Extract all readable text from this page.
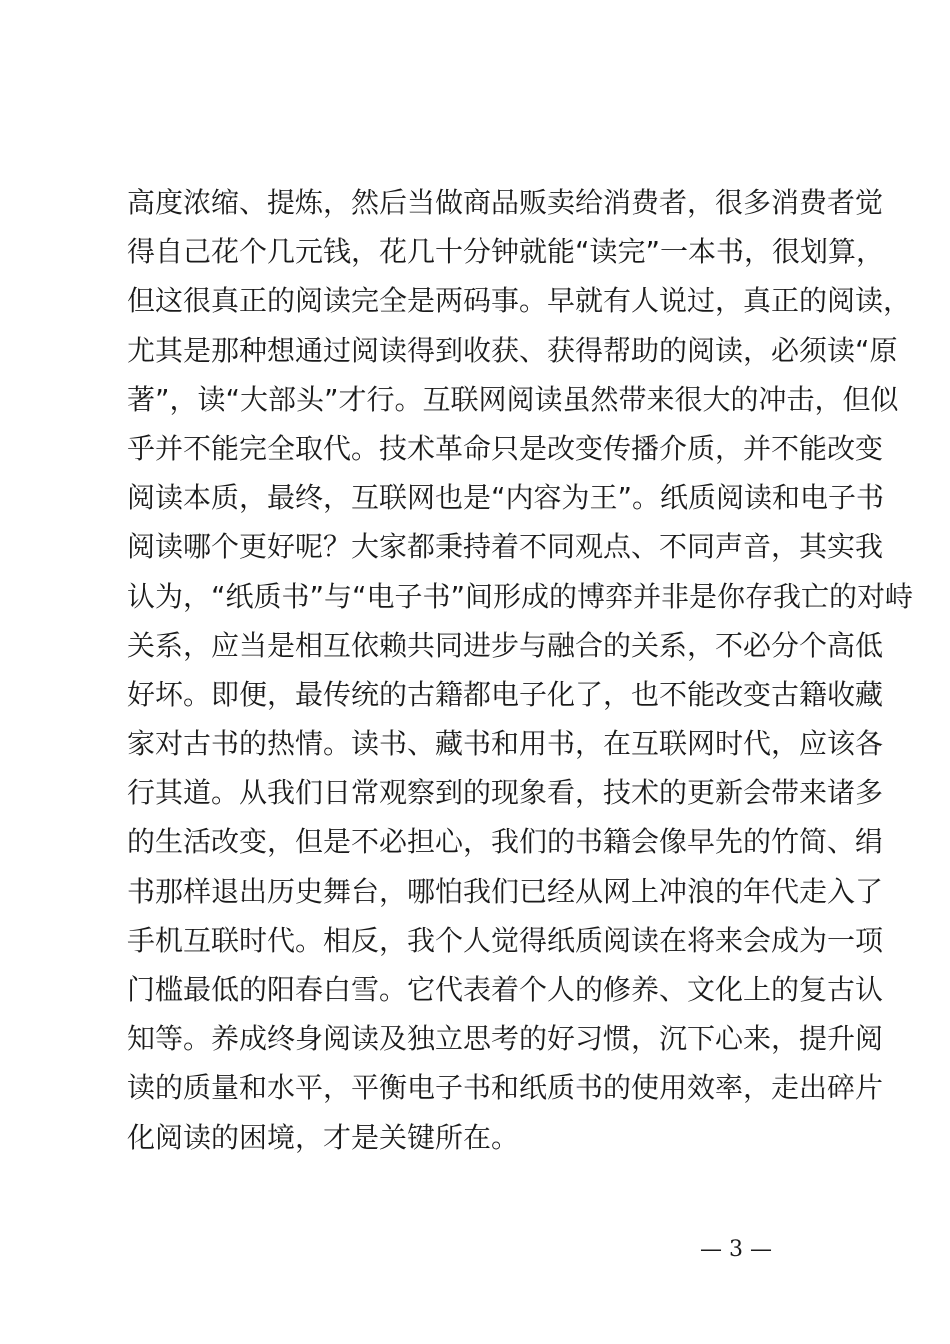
高度浓缩、提炼，然后当做商品贩卖给消费者，很多消费者觉
得自己花个几元钱，花几十分钟就能“读完”一本书，很划算，
但这很真正的阅读完全是两码事。早就有人说过，真正的阅读，
尤其是那种想通过阅读得到收获、获得帮助的阅读，必须读“原
著”，读“大部头”才行。互联网阅读虽然带来很大的冲击，但似
乎并不能完全取代。技术革命只是改变传播介质，并不能改变
阅读本质，最终，互联网也是“内容为王”。纸质阅读和电子书
阅读哪个更好呢？大家都秉持着不同观点、不同声音，其实我
认为，“纸质书”与“电子书”间形成的博弈并非是你存我亡的对峙
关系，应当是相互依赖共同进步与融合的关系，不必分个高低
好坏。即便，最传统的古籍都电子化了，也不能改变古籍收藏
家对古书的热情。读书、藏书和用书，在互联网时代，应该各
行其道。从我们日常观察到的现象看，技术的更新会带来诸多
的生活改变，但是不必担心，我们的书籍会像早先的竹简、绢
书那样退出历史舞台，哪怕我们已经从网上冲浪的年代走入了
手机互联时代。相反，我个人觉得纸质阅读在将来会成为一项
门槛最低的阳春白雪。它代表着个人的修养、文化上的复古认
知等。养成终身阅读及独立思考的好习惯，沉下心来，提升阅
读的质量和水平，平衡电子书和纸质书的使用效率，走出碎片
化阅读的困境，才是关键所在。
— 3 —
